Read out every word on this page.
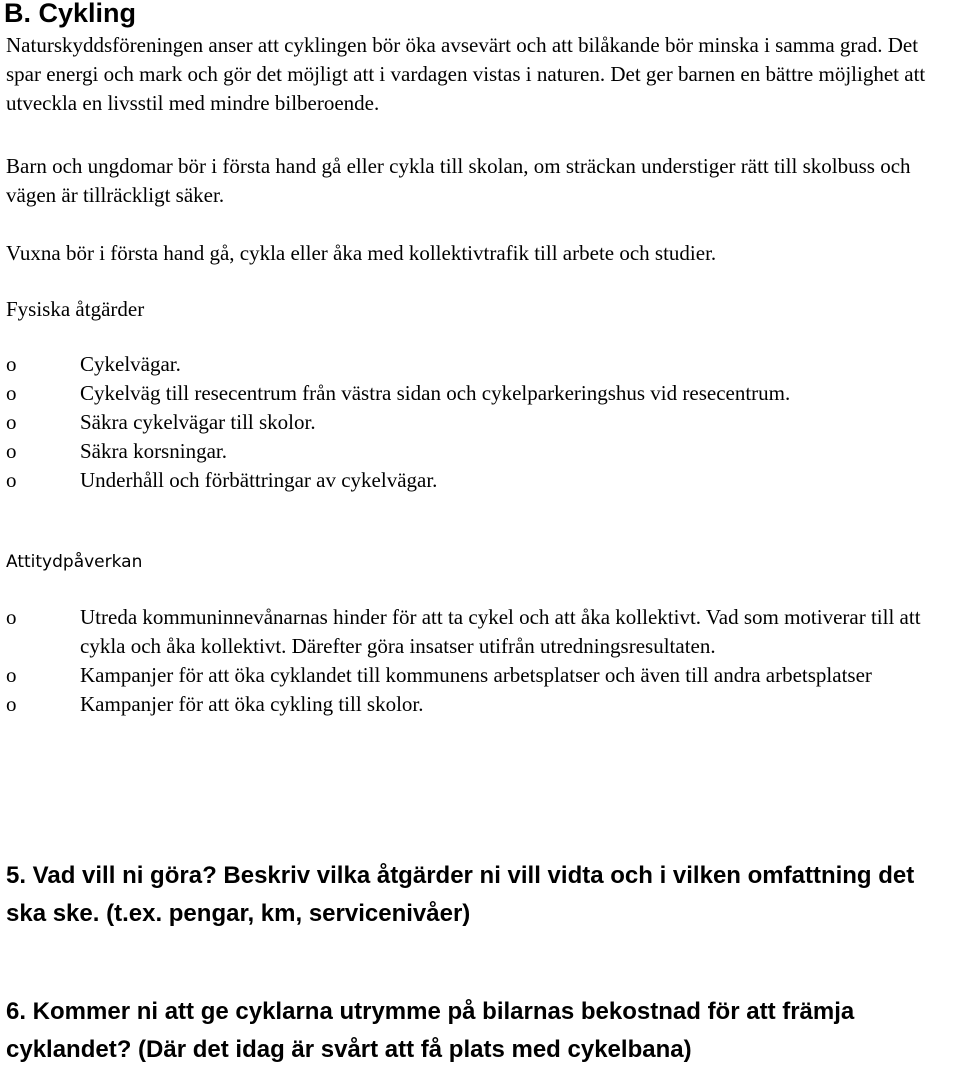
B. Cykling

Naturskyddsföreningen anser att cyklingen bör öka avsevärt och att bilåkande bör minska i samma grad. Det spar energi och mark och gör det möjligt att i vardagen vistas i naturen. Det ger barnen en bättre möjlighet att utveckla en livsstil med mindre bilberoende.

Barn och ungdomar bör i första hand gå eller cykla till skolan, om sträckan understiger rätt till skolbuss och vägen är tillräckligt säker.

Vuxna bör i första hand gå, cykla eller åka med kollektivtrafik till arbete och studier.

Fysiska åtgärder

o	Cykelvägar.
o	Cykelväg till resecentrum från västra sidan och cykelparkeringshus vid resecentrum.
o	Säkra cykelvägar till skolor.
o	Säkra korsningar.
o	Underhåll och förbättringar av cykelvägar.

Attitydpåverkan

o	Utreda kommuninnevånarnas hinder för att ta cykel och att åka kollektivt. Vad som motiverar till att cykla och åka kollektivt. Därefter göra insatser utifrån utredningsresultaten.
o	Kampanjer för att öka cyklandet till kommunens arbetsplatser och även till andra arbetsplatser
o	Kampanjer för att öka cykling till skolor.

5. Vad vill ni göra? Beskriv vilka åtgärder ni vill vidta och i vilken omfattning det ska ske. (t.ex. pengar, km, servicenivåer)

6. Kommer ni att ge cyklarna utrymme på bilarnas bekostnad för att främja cyklandet? (Där det idag är svårt att få plats med cykelbana)
